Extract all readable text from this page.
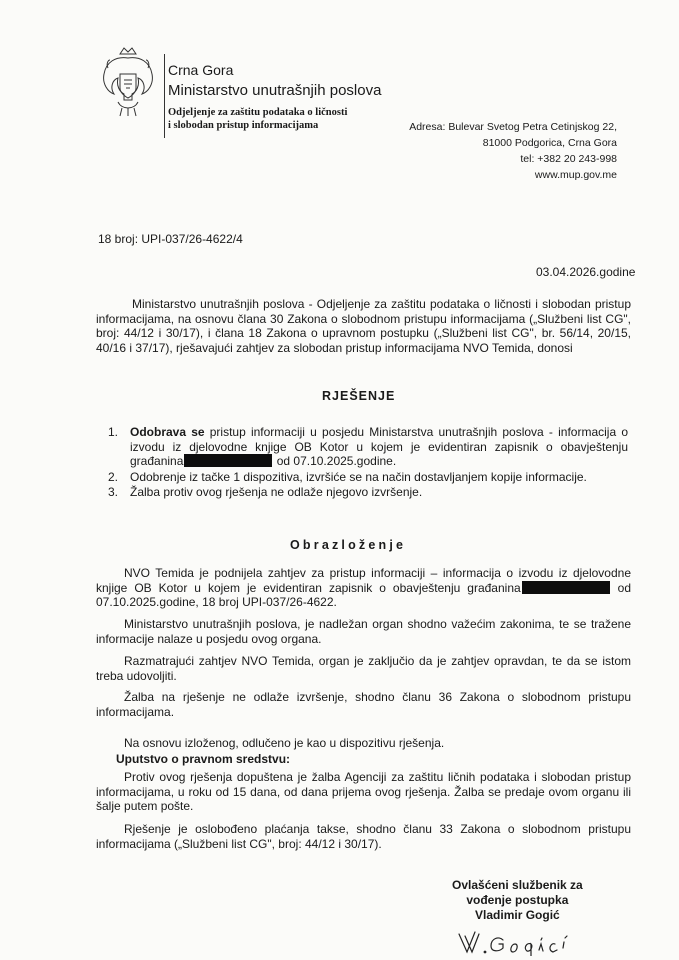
Crna Gora
Ministarstvo unutrašnjih poslova
Odjeljenje za zaštitu podataka o ličnosti
i slobodan pristup informacijama	Adresa: Bulevar Svetog Petra Cetinjskog 22,
81000 Podgorica, Crna Gora
tel: +382 20 243-998
www.mup.gov.me
18 broj: UPI-037/26-4622/4
03.04.2026.godine
Ministarstvo unutrašnjih poslova - Odjeljenje za zaštitu podataka o ličnosti i slobodan pristup informacijama, na osnovu člana 30 Zakona o slobodnom pristupu informacijama („Službeni list CG", broj: 44/12 i 30/17), i člana 18 Zakona o upravnom postupku („Službeni list CG", br. 56/14, 20/15, 40/16 i 37/17), rješavajući zahtjev za slobodan pristup informacijama NVO Temida, donosi
RJEŠENJE
1. Odobrava se pristup informaciji u posjedu Ministarstva unutrašnjih poslova - informacija o izvodu iz djelovodne knjige OB Kotor u kojem je evidentiran zapisnik o obavještenju građanina	od 07.10.2025.godine.
2. Odobrenje iz tačke 1 dispozitiva, izvršiće se na način dostavljanjem kopije informacije.
3. Žalba protiv ovog rješenja ne odlaže njegovo izvršenje.
Obrazloženje
NVO Temida je podnijela zahtjev za pristup informaciji – informacija o izvodu iz djelovodne knjige OB Kotor u kojem je evidentiran zapisnik o obavještenju građanina	od 07.10.2025.godine, 18 broj UPI-037/26-4622.
Ministarstvo unutrašnjih poslova, je nadležan organ shodno važećim zakonima, te se tražene informacije nalaze u posjedu ovog organa.
Razmatrajući zahtjev NVO Temida, organ je zaključio da je zahtjev opravdan, te da se istom treba udovoljiti.
Žalba na rješenje ne odlaže izvršenje, shodno članu 36 Zakona o slobodnom pristupu informacijama.
Na osnovu izloženog, odlučeno je kao u dispozitivu rješenja.
Uputstvo o pravnom sredstvu:
Protiv ovog rješenja dopuštena je žalba Agenciji za zaštitu ličnih podataka i slobodan pristup informacijama, u roku od 15 dana, od dana prijema ovog rješenja. Žalba se predaje ovom organu ili šalje putem pošte.
Rješenje je oslobođeno plaćanja takse, shodno članu 33 Zakona o slobodnom pristupu informacijama („Službeni list CG", broj: 44/12 i 30/17).
Ovlašćeni službenik za
vođenje postupka
Vladimir Gogić
